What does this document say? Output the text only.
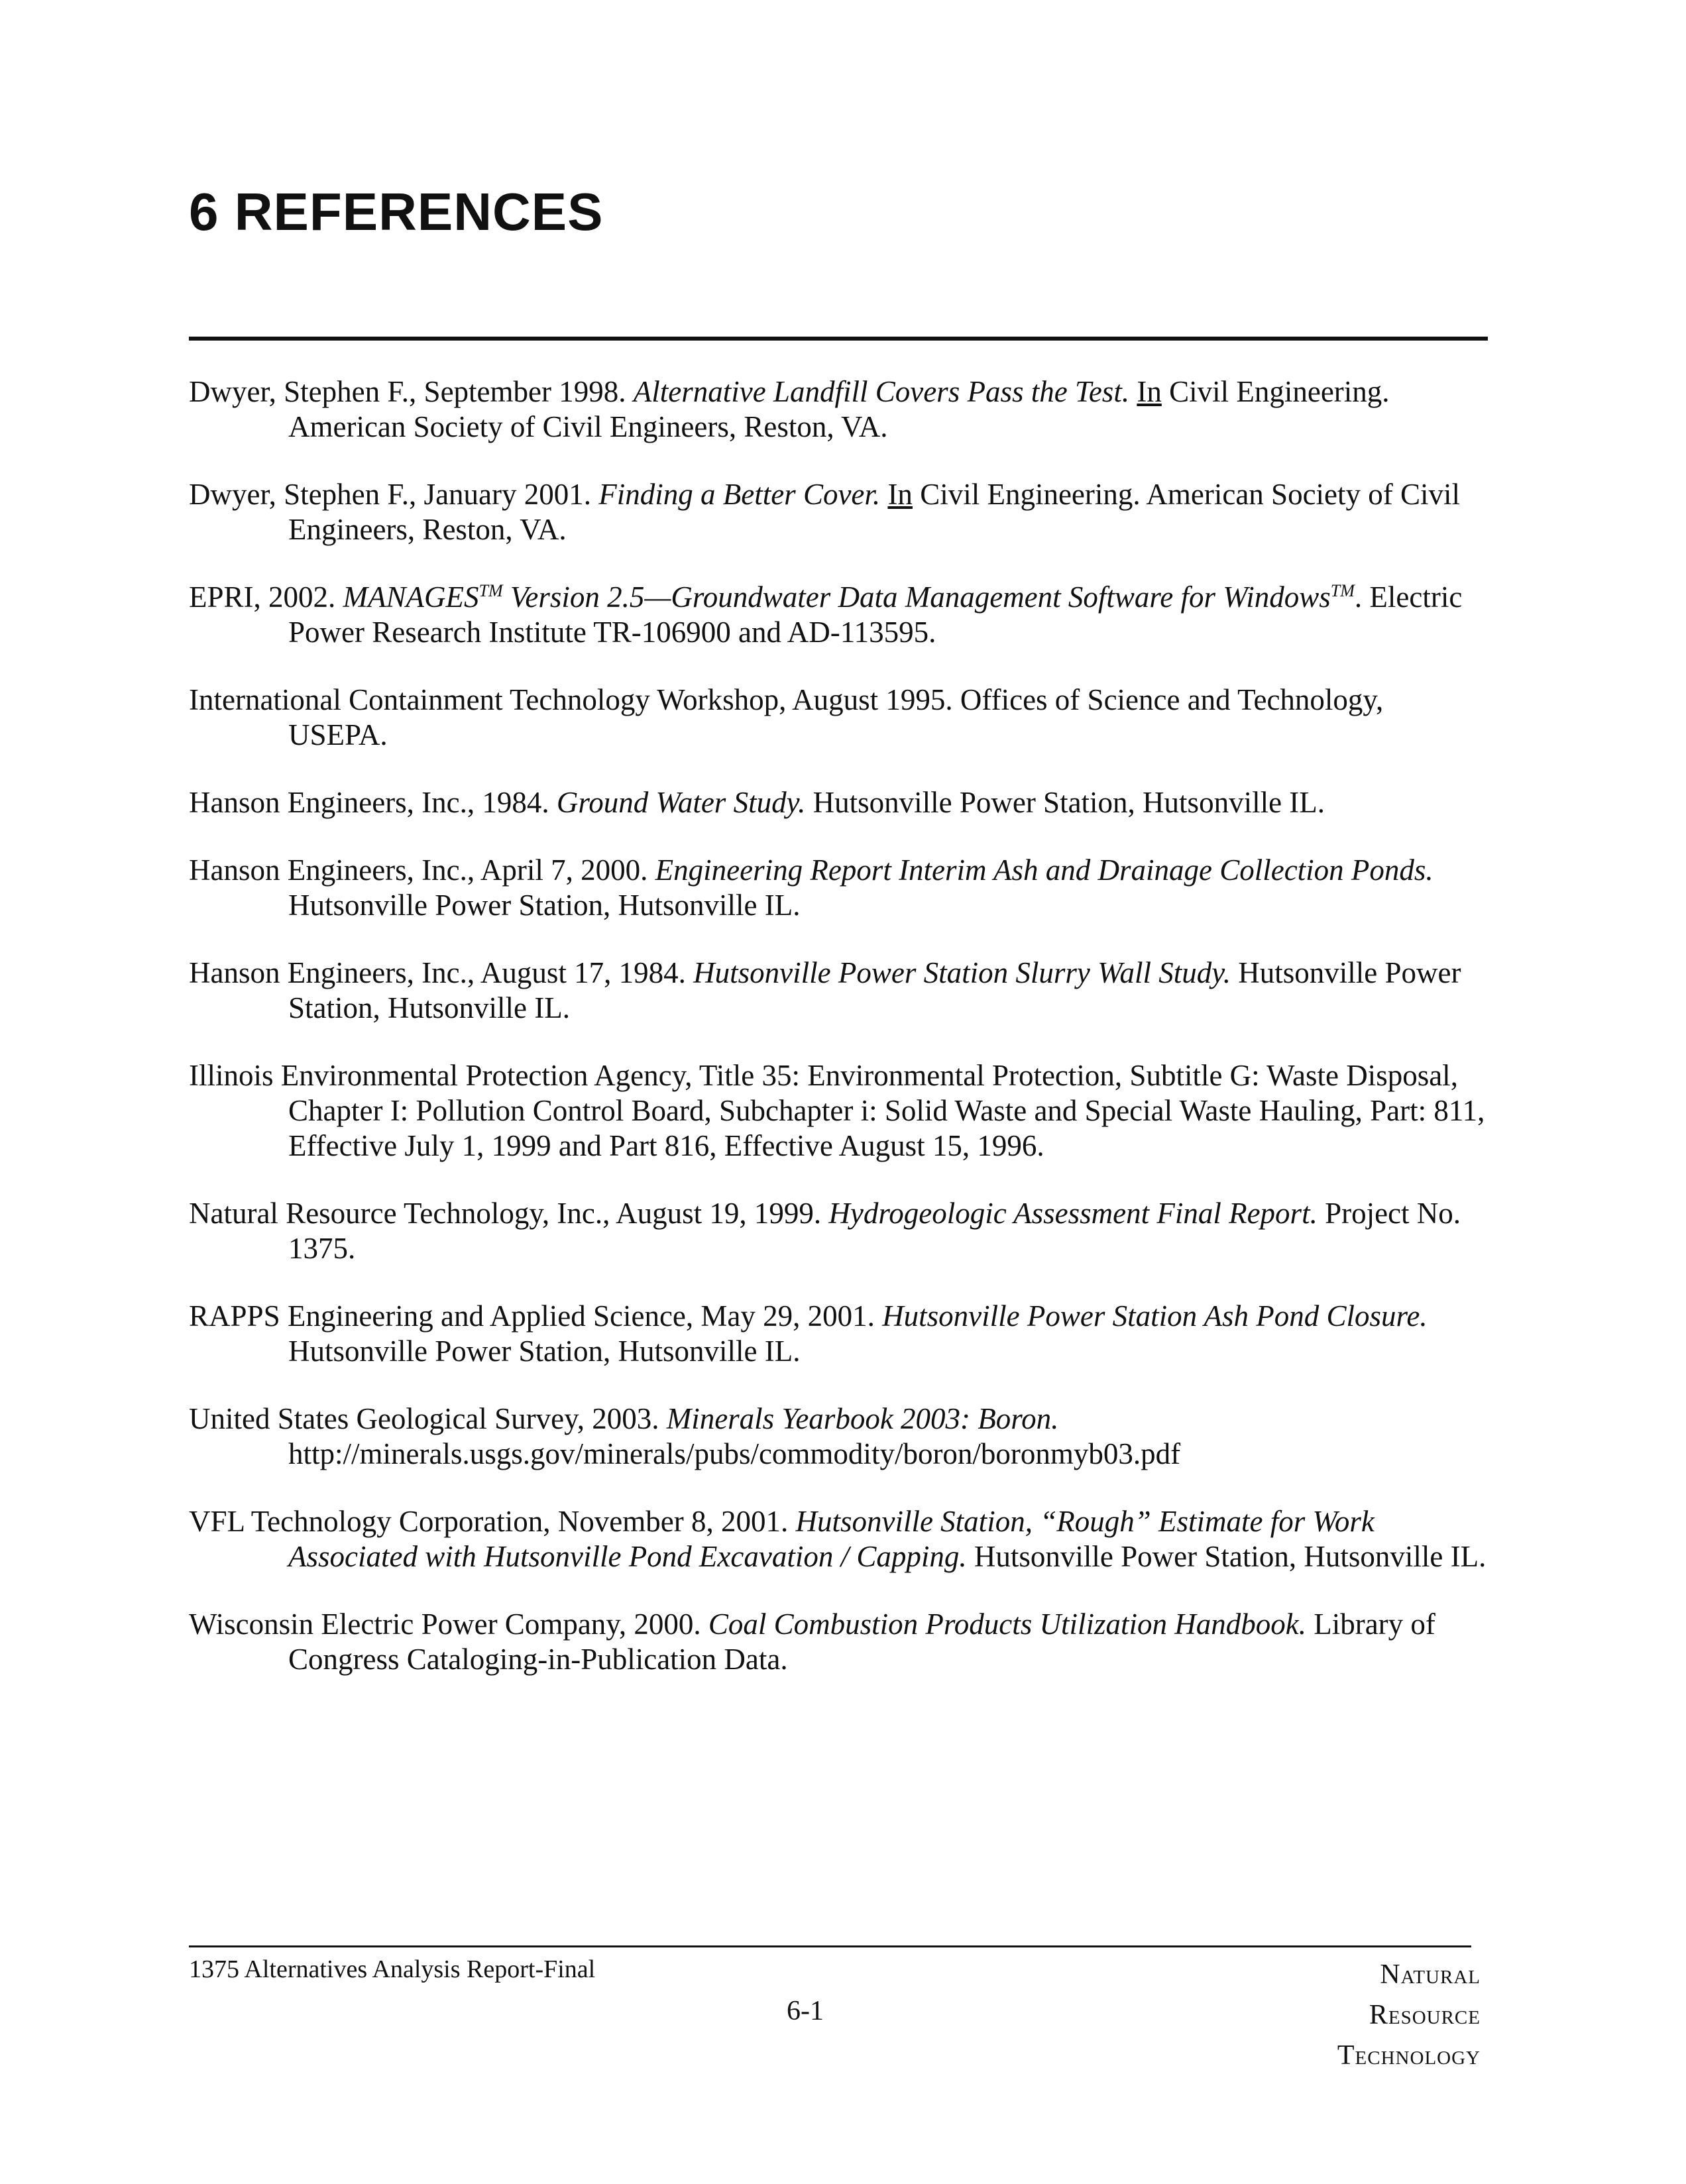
6 REFERENCES

Dwyer, Stephen F., September 1998. Alternative Landfill Covers Pass the Test. In Civil Engineering. American Society of Civil Engineers, Reston, VA.

Dwyer, Stephen F., January 2001. Finding a Better Cover. In Civil Engineering. American Society of Civil Engineers, Reston, VA.

EPRI, 2002. MANAGES™ Version 2.5—Groundwater Data Management Software for Windows™. Electric Power Research Institute TR-106900 and AD-113595.

International Containment Technology Workshop, August 1995. Offices of Science and Technology, USEPA.

Hanson Engineers, Inc., 1984. Ground Water Study. Hutsonville Power Station, Hutsonville IL.

Hanson Engineers, Inc., April 7, 2000. Engineering Report Interim Ash and Drainage Collection Ponds. Hutsonville Power Station, Hutsonville IL.

Hanson Engineers, Inc., August 17, 1984. Hutsonville Power Station Slurry Wall Study. Hutsonville Power Station, Hutsonville IL.

Illinois Environmental Protection Agency, Title 35: Environmental Protection, Subtitle G: Waste Disposal, Chapter I: Pollution Control Board, Subchapter i: Solid Waste and Special Waste Hauling, Part: 811, Effective July 1, 1999 and Part 816, Effective August 15, 1996.

Natural Resource Technology, Inc., August 19, 1999. Hydrogeologic Assessment Final Report. Project No. 1375.

RAPPS Engineering and Applied Science, May 29, 2001. Hutsonville Power Station Ash Pond Closure. Hutsonville Power Station, Hutsonville IL.

United States Geological Survey, 2003. Minerals Yearbook 2003: Boron. http://minerals.usgs.gov/minerals/pubs/commodity/boron/boronmyb03.pdf

VFL Technology Corporation, November 8, 2001. Hutsonville Station, “Rough” Estimate for Work Associated with Hutsonville Pond Excavation / Capping. Hutsonville Power Station, Hutsonville IL.

Wisconsin Electric Power Company, 2000. Coal Combustion Products Utilization Handbook. Library of Congress Cataloging-in-Publication Data.

1375 Alternatives Analysis Report-Final
6-1
Natural
Resource
Technology
